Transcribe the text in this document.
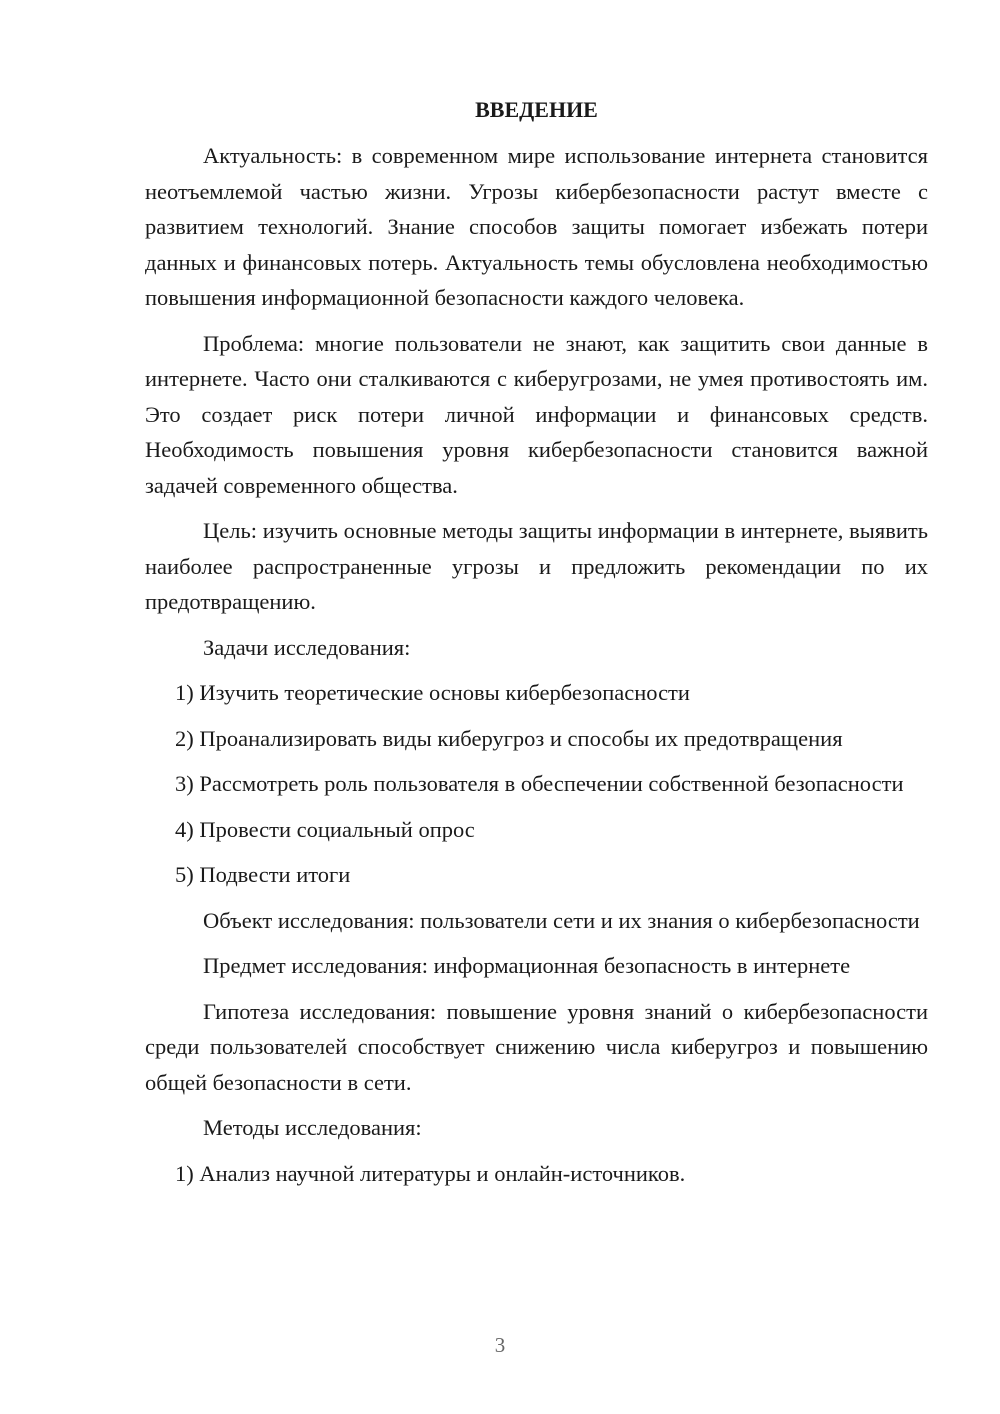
ВВЕДЕНИЕ

Актуальность: в современном мире использование интернета становится неотъемлемой частью жизни. Угрозы кибербезопасности растут вместе с развитием технологий. Знание способов защиты помогает избежать потери данных и финансовых потерь. Актуальность темы обусловлена необходимостью повышения информационной безопасности каждого человека.

Проблема: многие пользователи не знают, как защитить свои данные в интернете. Часто они сталкиваются с киберугрозами, не умея противостоять им. Это создает риск потери личной информации и финансовых средств. Необходимость повышения уровня кибербезопасности становится важной задачей современного общества.

Цель: изучить основные методы защиты информации в интернете, выявить наиболее распространенные угрозы и предложить рекомендации по их предотвращению.

Задачи исследования:

1) Изучить теоретические основы кибербезопасности

2) Проанализировать виды киберугроз и способы их предотвращения

3) Рассмотреть роль пользователя в обеспечении собственной безопасности

4) Провести социальный опрос

5) Подвести итоги

Объект исследования: пользователи сети и их знания о кибербезопасности

Предмет исследования: информационная безопасность в интернете

Гипотеза исследования: повышение уровня знаний о кибербезопасности среди пользователей способствует снижению числа киберугроз и повышению общей безопасности в сети.

Методы исследования:

1) Анализ научной литературы и онлайн-источников.

3
